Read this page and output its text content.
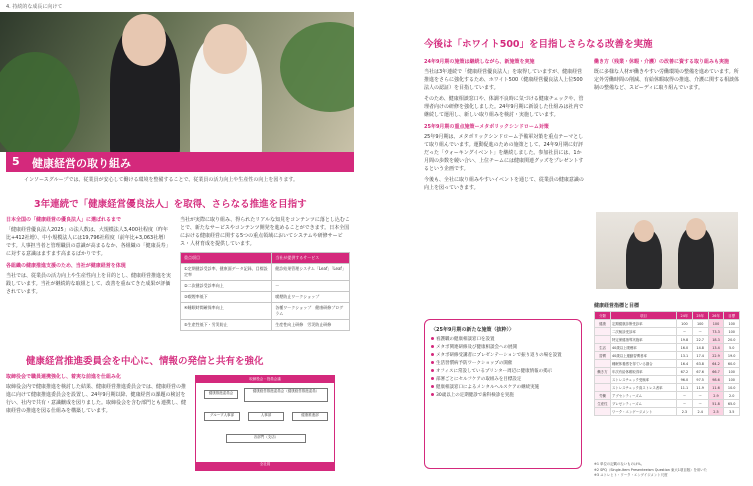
4. 持続的な成長に向けて
5 健康経営の取り組み
インソースグループでは、従業員が安心して働ける環境を整備することで、従業員の活力向上や生産性の向上を図ります。
3年連続で「健康経営優良法人」を取得、さらなる推進を目指す
日本全国の「健康経営の優良法人」に選ばれるまで
「健康経営優良法人2025」の法人数は、大規模法人3,400社程度（昨年比+412社増）、中小規模法人には19,796社程度（前年比+3,063社増）です。人事担当者と管理職員の意識が高まるなか、各組織の「健康長寿」に対する意識はますます高まるばかりです。
各組織の健康推進支援のため、当社が健康経営を体現
当社では、従業員の活力向上や生産性向上を目的とし、健康経営推進を実践しています。当社が継続的な取組として、改善を重ねてきた成果が評価されています。
当社が実際に取り組み、得られたリアルな知見をコンテンツに落とし込むことで、新たなサービスやコンテンツ開発を進めることができます。日本全国における健康経営に関する5つの重点領域においてシステムや研修サービス・人材育成を提供しています。
重点項目	当社が提供するサービス
①定期健診受診率、健康面データ記録、目標設定率	健診結果管理システム「Leaf」「Leaf」
②二次健診受診率向上	ー
③喫煙率低下	喫煙防止ワークショップ
④睡眠時間確保率向上	各種ワークショップ　健康研修プログラム
⑤生産性低下・労災防止	生産性向上研修　労災防止研修
健康経営推進委員会を中心に、情報の発信と共有を強化
取締役会で職員連携強化し、着実な前進を仕組み化
取締役会内で健康推進を検討した結果、健康経営推進委員会では、健康経営の推進に向けて健康推進委員会を設置し、24年9月期以降、健康経営の課題の検討を行い、社内で共有・意識醸成を図りました。取締役会を含む部門とも連携し、健康経営の推進を図る仕組みを構築しています。
取締役会・役員会議
健康推進委員会	健康経営推進委員会（健康経営推進委員）
グループ人事部	人事部	健康推進部
各部門（支店）
全社員
今後は「ホワイト500」を目指しさらなる改善を実施
24年9月期の施策は継続しながら、新施策を実施
当社は3年連続で「健康経営優良法人」を取得していますが、健康経営推進をさらに強化するため、ホワイト500（健康経営優良法人上位500法人の認証）を目指しています。
そのため、健康相談窓口や、体調不良時に気づける健康チェックや、管理者向けの研修を強化しました。24年9月期に新設した仕組みは社内で継続して運用し、新しい取り組みを検討・実施しています。
25年9月期の重点施策ーメタボリックシンドローム対策
25年9月期は、メタボリックシンドローム予備軍対策を重点テーマとして取り組んでいます。運動促進のための施策として、24年9月期に好評だった「ウォーキングイベント」を継続しました。参加社員には、1か月間の歩数を競い合い、上位チームには健康関連グッズをプレゼントするという企画です。
今後も、全社に取り組みやすいイベントを通じて、従業員の健康意識の向上を図っていきます。
働き方（残業・休暇・介護）の改善に資する取り組みも実施
既に多様な人材が働きやすい労働環境の整備を進めています。所定外労働時間の削減、有給休暇取得の推進、介護に関する相談体制の整備など、スピーディに取り組んでいます。
〈25年9月期の新たな施策（抜粋）〉

看護職の健康相談窓口を設置

メタボ関連研修及び健康相談会への展開

メタボ研修受講者にプレゼンテーションで振り返りの場を設置

生活習慣病予防ワークショップの開催

オフィスに常設しているプリンター周辺に健康情報の掲示

部署ごとにセルフケアの取組みを目標設定

健康相談窓口によるメンタルヘルスケアの継続実施

30歳以上の定期健診で歯科検診を実施

健康経営指標と目標
分類	項目	24年	25年	26年	目標
健康	定期健康診断受診率	100	100	100	100
	二次検診受診率	ー	ー	73.3	100
	特定保健指導実施率	19.8	22.7	18.3	20.0
生活	40歳以上喫煙率	16.0	14.8	13.4	5.0
習慣	40歳以上運動習慣者率	13.1	17.4	22.9	19.0
	睡眠休養感を得ている割合	16.4	63.8	64.2	60.0
働き方	年次有給休暇取得率	67.2	67.6	66.7	100
	ストレスチェック受検率	96.0	97.5	98.6	100
	ストレスチェック高ストレス者率	11.1	11.9	11.6	10.0
労働	アブセンティーズム	ー	ー	2.9	2.0
生産性	プレゼンティーズム	ー	ー	51.8	65.0
	ワーク・エンゲージメント	2.3	2.4	2.5	3.5
※1 単位の記載のないものは%。
※2 SPQ（Single-Item Presenteeism Question 東大1項目版）を用いた
※3 ユトレヒト・ワーク・エンゲイジメント尺度
